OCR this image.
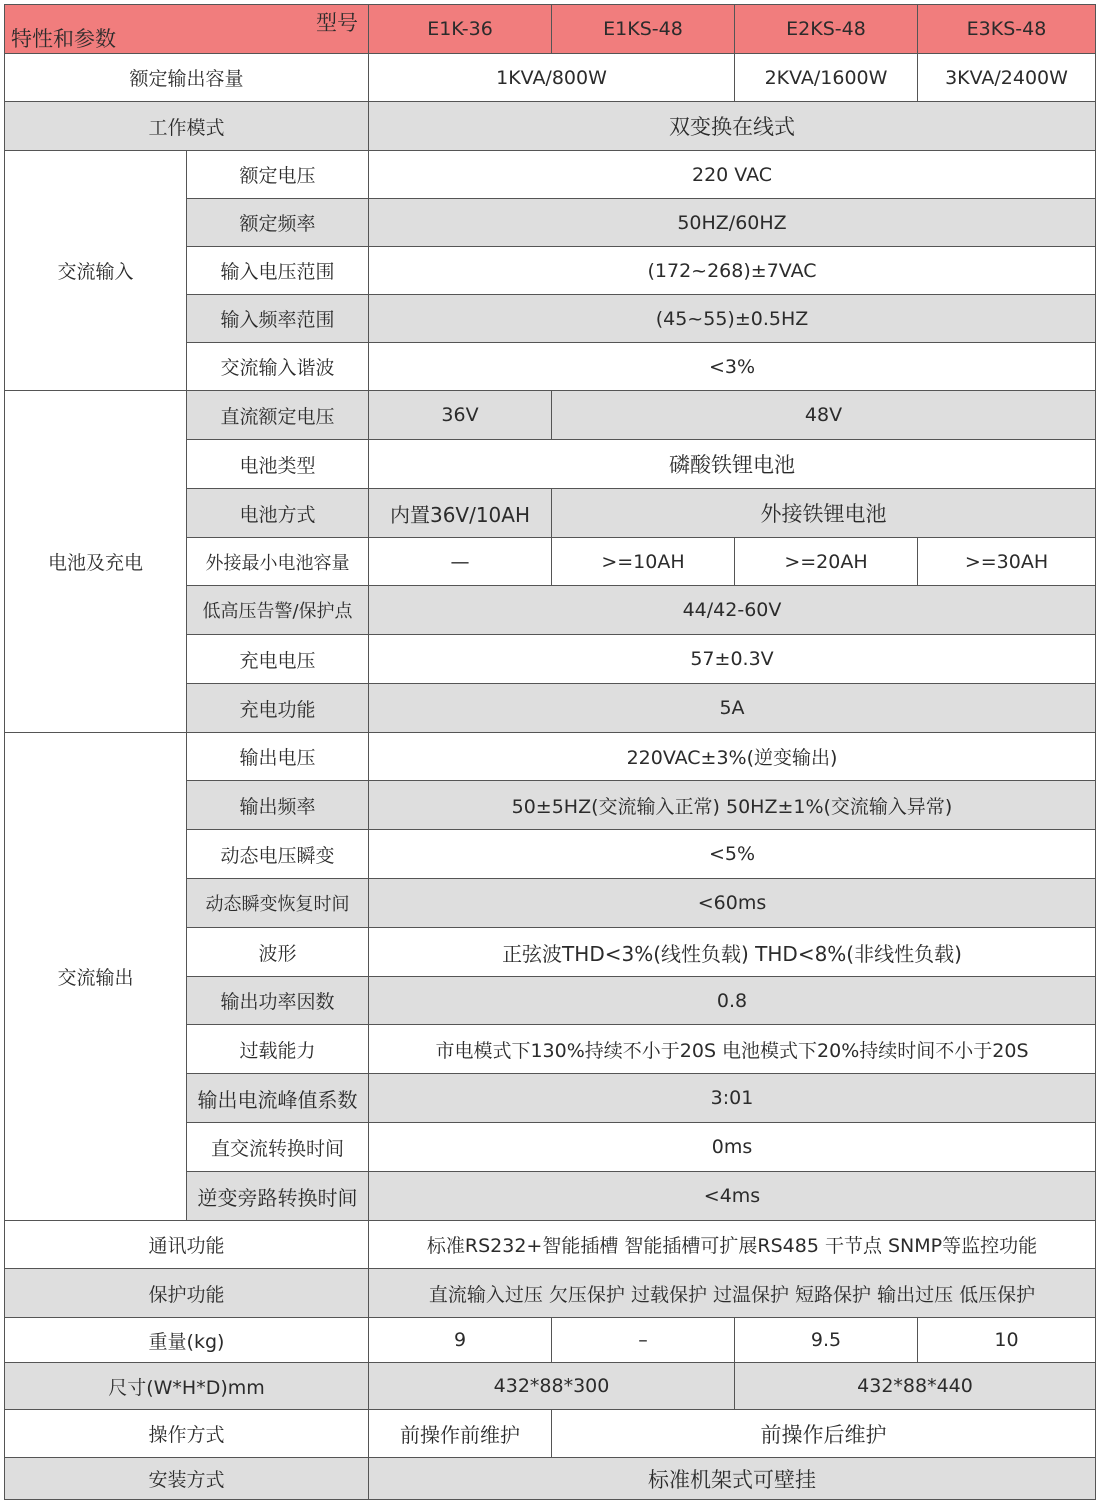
型号
特性和参数		E1K-36	E1KS-48	E2KS-48	E3KS-48
额定输出容量		1KVA/800W		2KVA/1600W	3KVA/2400W
工作模式		双变换在线式			
交流输入	额定电压	220 VAC			
	额定频率	50HZ/60HZ			
	输入电压范围	(172~268)±7VAC			
	输入频率范围	(45~55)±0.5HZ			
	交流输入谐波	<3%			
电池及充电	直流额定电压	36V	48V		
	电池类型	磷酸铁锂电池			
	电池方式	内置36V/10AH	外接铁锂电池		
	外接最小电池容量	—	>=10AH	>=20AH	>=30AH
	低高压告警/保护点	44/42-60V			
	充电电压	57±0.3V			
	充电功能	5A			
交流输出	输出电压	220VAC±3%(逆变输出)			
	输出频率	50±5HZ(交流输入正常) 50HZ±1%(交流输入异常)			
	动态电压瞬变	<5%			
	动态瞬变恢复时间	<60ms			
	波形	正弦波THD<3%(线性负载) THD<8%(非线性负载)			
	输出功率因数	0.8			
	过载能力	市电模式下130%持续不小于20S 电池模式下20%持续时间不小于20S			
	输出电流峰值系数	3:01			
	直交流转换时间	0ms			
	逆变旁路转换时间	<4ms			
通讯功能		标准RS232+智能插槽 智能插槽可扩展RS485 干节点 SNMP等监控功能			
保护功能		直流输入过压 欠压保护 过载保护 过温保护 短路保护 输出过压 低压保护			
重量(kg)		9	–	9.5	10
尺寸(W*H*D)mm		432*88*300		432*88*440	
操作方式		前操作前维护	前操作后维护		
安装方式		标准机架式可壁挂			
